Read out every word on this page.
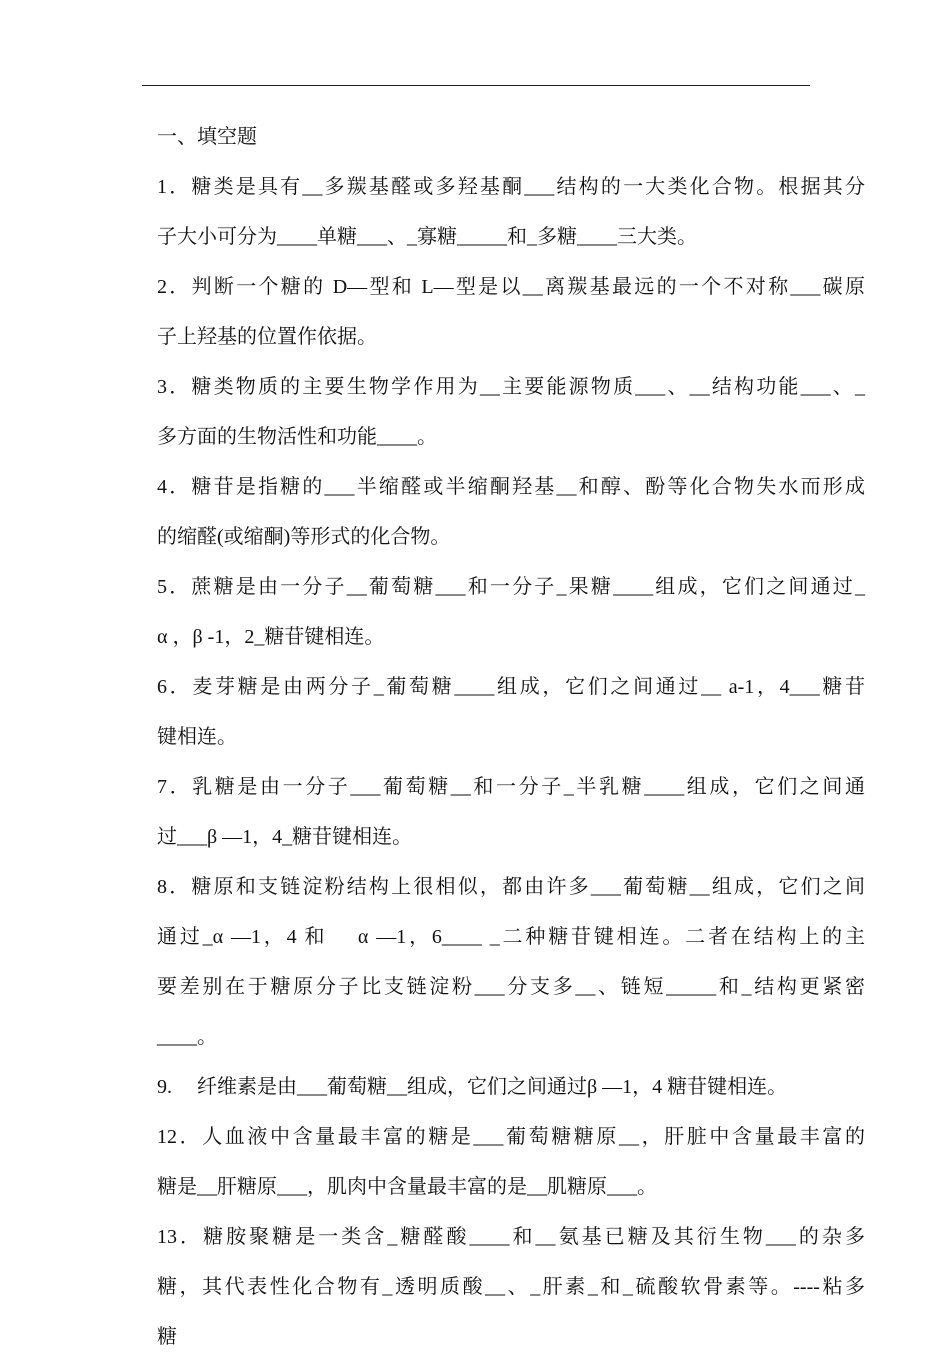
一、填空题
1．糖类是具有__多羰基醛或多羟基酮___结构的一大类化合物。根据其分
子大小可分为____单糖___、_寡糖_____和_多糖____三大类。
2．判断一个糖的 D—型和 L—型是以__离羰基最远的一个不对称___碳原
子上羟基的位置作依据。
3．糖类物质的主要生物学作用为__主要能源物质___、__结构功能___、_
多方面的生物活性和功能____。
4．糖苷是指糖的___半缩醛或半缩酮羟基__和醇、酚等化合物失水而形成
的缩醛(或缩酮)等形式的化合物。
5．蔗糖是由一分子__葡萄糖___和一分子_果糖____组成，它们之间通过_
α ，β -1，2_糖苷键相连。
6．麦芽糖是由两分子_葡萄糖____组成，它们之间通过__ a-1，4___糖苷
键相连。
7．乳糖是由一分子___葡萄糖__和一分子_半乳糖____组成，它们之间通
过___β —1，4_糖苷键相连。
8．糖原和支链淀粉结构上很相似，都由许多___葡萄糖__组成，它们之间
通过_α —1，4 和　 α —1，6____ _二种糖苷键相连。二者在结构上的主
要差别在于糖原分子比支链淀粉___分支多__、链短_____和_结构更紧密
____。
9.　 纤维素是由___葡萄糖__组成，它们之间通过β —1，4 糖苷键相连。
12．人血液中含量最丰富的糖是___葡萄糖糖原__，肝脏中含量最丰富的
糖是__肝糖原___，肌肉中含量最丰富的是__肌糖原___。
13．糖胺聚糖是一类含_糖醛酸____和__氨基已糖及其衍生物___的杂多
糖，其代表性化合物有_透明质酸__、_肝素_和_硫酸软骨素等。----粘多
糖
